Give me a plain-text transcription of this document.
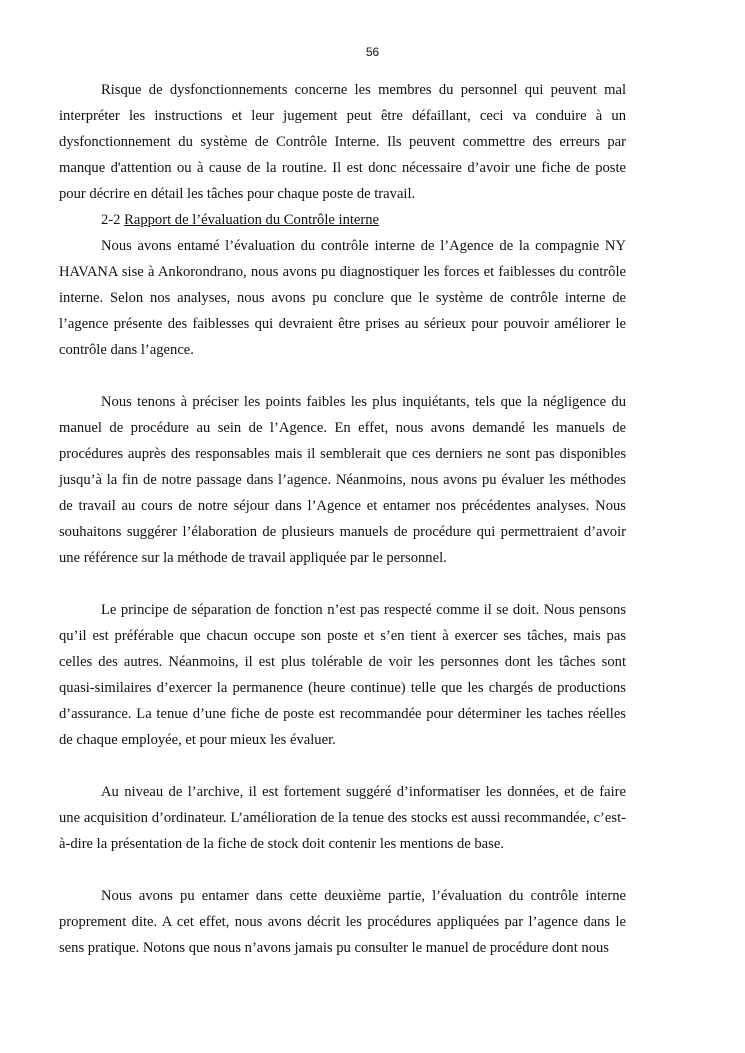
56

Risque de dysfonctionnements concerne les membres du personnel qui peuvent mal interpréter les instructions et leur jugement peut être défaillant, ceci va conduire à un dysfonctionnement du système de Contrôle Interne. Ils peuvent commettre des erreurs par manque d'attention ou à cause de la routine. Il est donc nécessaire d’avoir une fiche de poste pour décrire en détail les tâches pour chaque poste de travail.

2-2 Rapport de l’évaluation du Contrôle interne

Nous avons entamé l’évaluation du contrôle interne de l’Agence de la compagnie NY HAVANA sise à Ankorondrano, nous avons pu diagnostiquer les forces et faiblesses du contrôle interne. Selon nos analyses, nous avons pu conclure que le système de contrôle interne de l’agence présente des faiblesses qui devraient être prises au sérieux pour pouvoir améliorer le contrôle dans l’agence.

Nous tenons à préciser les points faibles les plus inquiétants, tels que la négligence du manuel de procédure au sein de l’Agence. En effet, nous avons demandé les manuels de procédures auprès des responsables mais il semblerait que ces derniers ne sont pas disponibles jusqu’à la fin de notre passage dans l’agence. Néanmoins, nous avons pu évaluer les méthodes de travail au cours de notre séjour dans l’Agence et entamer nos précédentes analyses. Nous souhaitons suggérer l’élaboration de plusieurs manuels de procédure qui permettraient d’avoir une référence sur la méthode de travail appliquée par le personnel.

Le principe de séparation de fonction n’est pas respecté comme il se doit. Nous pensons qu’il est préférable que chacun occupe son poste et s’en tient à exercer ses tâches, mais pas celles des autres. Néanmoins, il est plus tolérable de voir les personnes dont les tâches sont quasi-similaires d’exercer la permanence (heure continue) telle que les chargés de productions d’assurance. La tenue d’une fiche de poste est recommandée pour déterminer les taches réelles de chaque employée, et pour mieux les évaluer.

Au niveau de l’archive, il est fortement suggéré d’informatiser les données, et de faire une acquisition d’ordinateur. L’amélioration de la tenue des stocks est aussi recommandée, c’est-à-dire la présentation de la fiche de stock doit contenir les mentions de base.

Nous avons pu entamer dans cette deuxième partie, l’évaluation du contrôle interne proprement dite. A cet effet, nous avons décrit les procédures appliquées par l’agence dans le sens pratique. Notons que nous n’avons jamais pu consulter le manuel de procédure dont nous
